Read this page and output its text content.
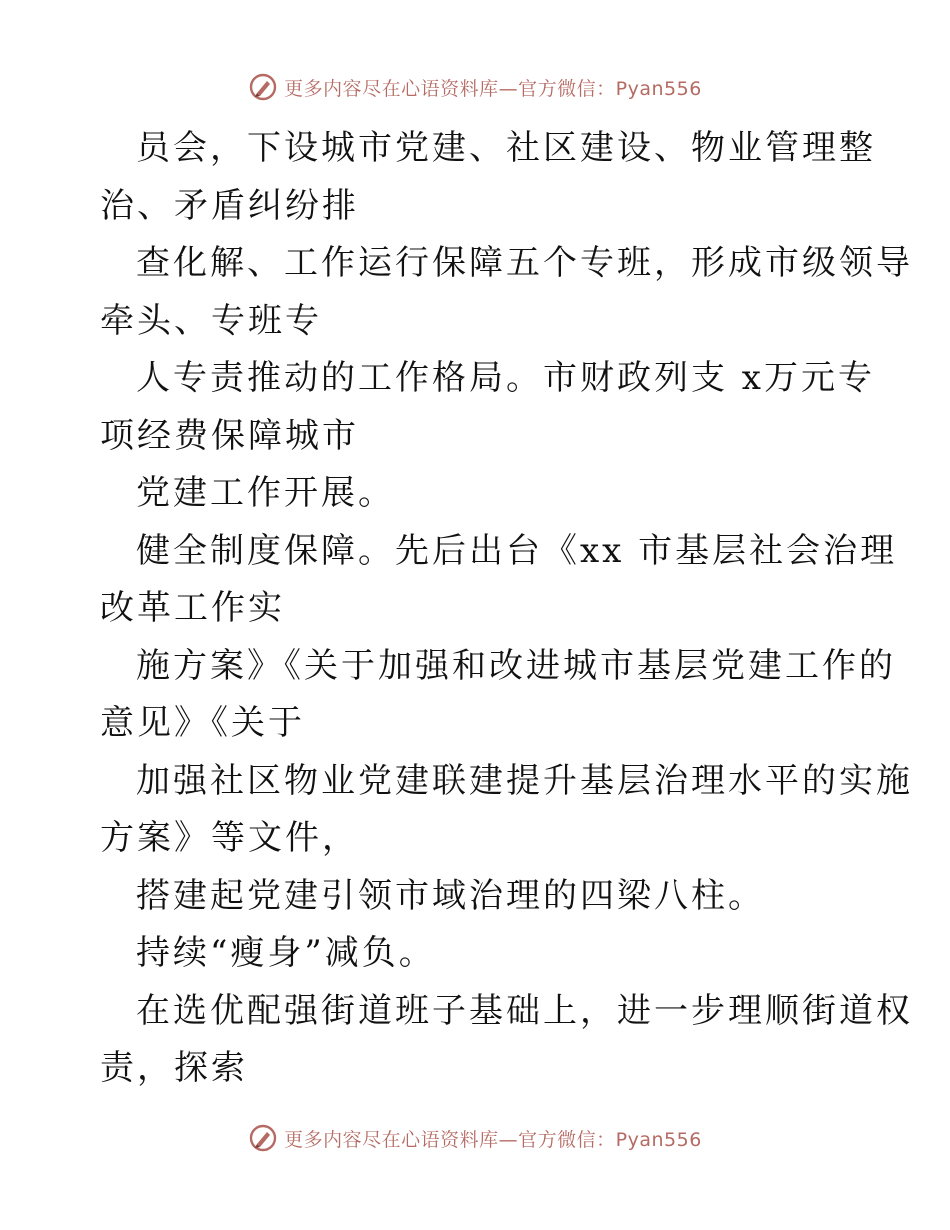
更多内容尽在心语资料库—官方微信：Pyan556
员会，下设城市党建、社区建设、物业管理整
治、矛盾纠纷排
查化解、工作运行保障五个专班，形成市级领导
牵头、专班专
人专责推动的工作格局。市财政列支 x万元专
项经费保障城市
党建工作开展。
健全制度保障。先后出台《xx 市基层社会治理
改革工作实
施方案》《关于加强和改进城市基层党建工作的
意见》《关于
加强社区物业党建联建提升基层治理水平的实施
方案》等文件，
搭建起党建引领市域治理的四梁八柱。
持续“瘦身”减负。
在选优配强街道班子基础上，进一步理顺街道权
责，探索
更多内容尽在心语资料库—官方微信：Pyan556
